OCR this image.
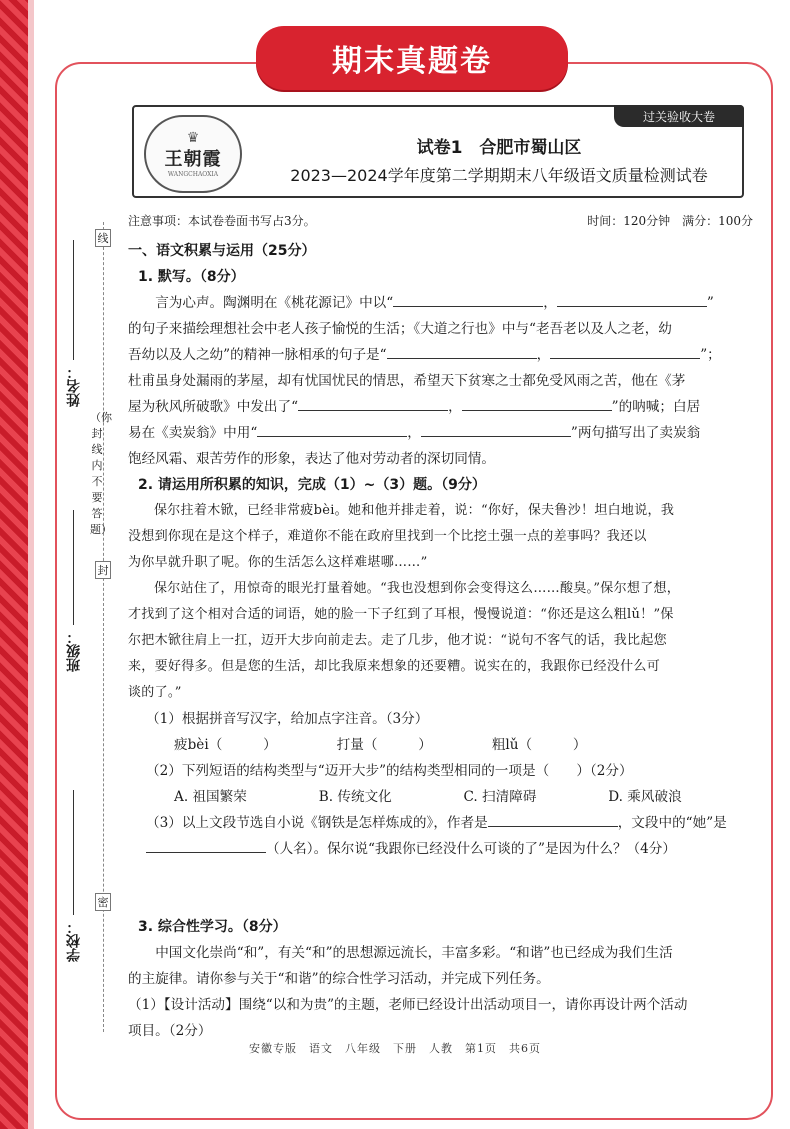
期末真题卷
过关验收大卷
♛
王朝霞
WANGCHAOXIA
试卷1　合肥市蜀山区
2023—2024学年度第二学期期末八年级语文质量检测试卷
线
封
密
（你封线内不要答题）
姓名：
班级：
学校：
注意事项：本试卷卷面书写占3分。	时间：120分钟　满分：100分
一、语文积累与运用（25分）
1. 默写。（8分）
言为心声。陶渊明在《桃花源记》中以“	，	”
的句子来描绘理想社会中老人孩子愉悦的生活；《大道之行也》中与“老吾老以及人之老，幼
吾幼以及人之幼”的精神一脉相承的句子是“	，	”；
杜甫虽身处漏雨的茅屋，却有忧国忧民的情思，希望天下贫寒之士都免受风雨之苦，他在《茅
屋为秋风所破歌》中发出了“	，	”的呐喊；白居
易在《卖炭翁》中用“	，	”两句描写出了卖炭翁
饱经风霜、艰苦劳作的形象，表达了他对劳动者的深切同情。
2. 请运用所积累的知识，完成（1）~（3）题。（9分）
保尔拄着木锨，已经非常疲bèi。她和他并排走着，说：“你好，保夫鲁沙！坦白地说，我
没想到你现在是这个样子，难道你不能在政府里找到一个比挖土强一点的差事吗？我还以
为你早就升职了呢。你的生活怎么这样难堪哪……”
保尔站住了，用惊奇的眼光打量着她。“我也没想到你会变得这么……酸臭。”保尔想了想，
才找到了这个相对合适的词语，她的脸一下子红到了耳根，慢慢说道：“你还是这么粗lǔ！”保
尔把木锨往肩上一扛，迈开大步向前走去。走了几步，他才说：“说句不客气的话，我比起您
来，要好得多。但是您的生活，却比我原来想象的还要糟。说实在的，我跟你已经没什么可
谈的了。”
（1）根据拼音写汉字，给加点字注音。（3分）
疲bèi（　　　）	打量（　　　）	粗lǔ（　　　）
（2）下列短语的结构类型与“迈开大步”的结构类型相同的一项是（　　）（2分）
A. 祖国繁荣	B. 传统文化	C. 扫清障碍	D. 乘风破浪
（3）以上文段节选自小说《钢铁是怎样炼成的》，作者是	，文段中的“她”是
（人名）。保尔说“我跟你已经没什么可谈的了”是因为什么？（4分）
3. 综合性学习。（8分）
中国文化崇尚“和”，有关“和”的思想源远流长，丰富多彩。“和谐”也已经成为我们生活
的主旋律。请你参与关于“和谐”的综合性学习活动，并完成下列任务。
（1）【设计活动】围绕“以和为贵”的主题，老师已经设计出活动项目一，请你再设计两个活动
项目。（2分）
安徽专版　语文　八年级　下册　人教　第1页　共6页
